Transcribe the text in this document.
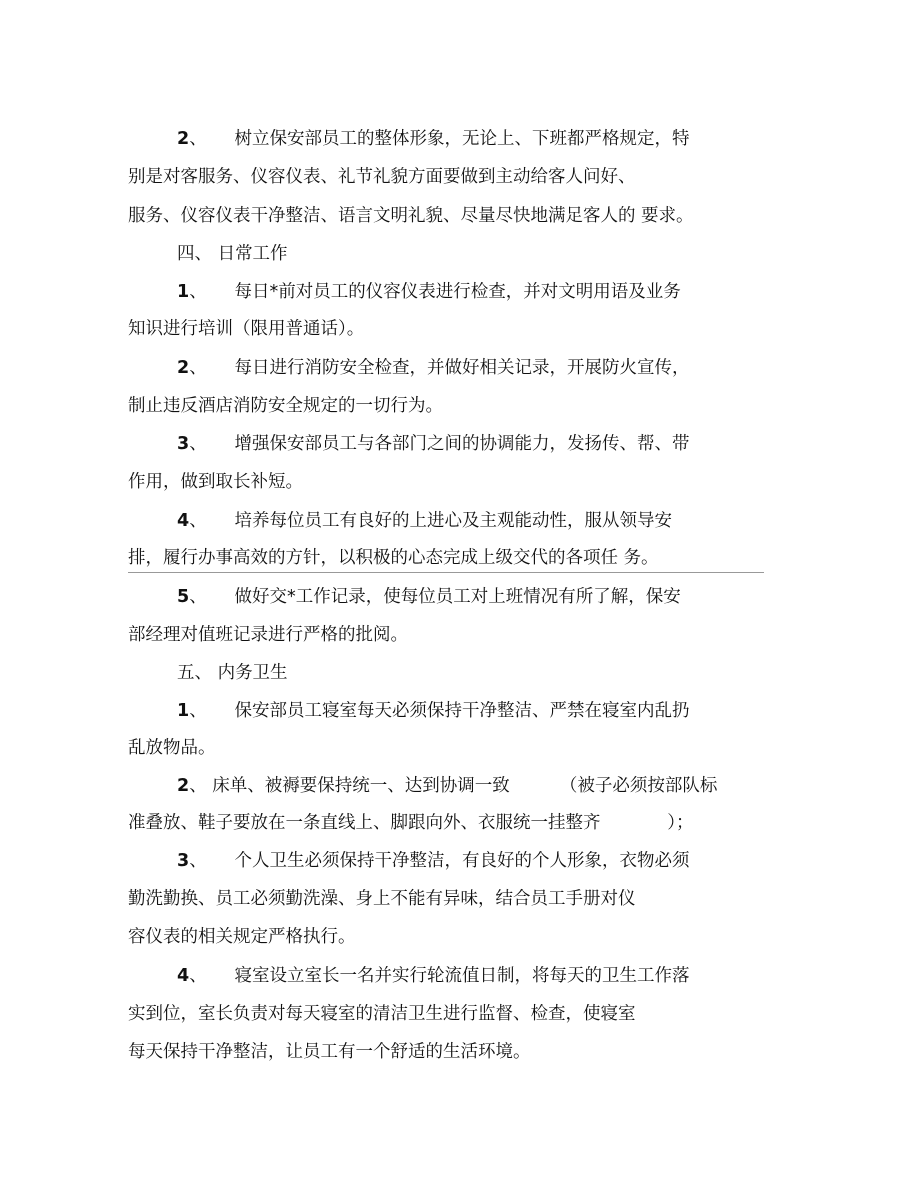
2、     树立保安部员工的整体形象，无论上、下班都严格规定，特
别是对客服务、仪容仪表、礼节礼貌方面要做到主动给客人问好、
服务、仪容仪表干净整洁、语言文明礼貌、尽量尽快地满足客人的 要求。
四、 日常工作
1、     每日*前对员工的仪容仪表进行检查，并对文明用语及业务
知识进行培训（限用普通话）。
2、     每日进行消防安全检查，并做好相关记录，开展防火宣传，
制止违反酒店消防安全规定的一切行为。
3、     增强保安部员工与各部门之间的协调能力，发扬传、帮、带
作用，做到取长补短。
4、     培养每位员工有良好的上进心及主观能动性，服从领导安
排，履行办事高效的方针，以积极的心态完成上级交代的各项任 务。
5、     做好交*工作记录，使每位员工对上班情况有所了解，保安
部经理对值班记录进行严格的批阅。
五、 内务卫生
1、     保安部员工寝室每天必须保持干净整洁、严禁在寝室内乱扔
乱放物品。
2、 床单、被褥要保持统一、达到协调一致         （被子必须按部队标
准叠放、鞋子要放在一条直线上、脚跟向外、衣服统一挂整齐            ）；
3、     个人卫生必须保持干净整洁，有良好的个人形象，衣物必须
勤洗勤换、员工必须勤洗澡、身上不能有异味，结合员工手册对仪
容仪表的相关规定严格执行。
4、     寝室设立室长一名并实行轮流值日制，将每天的卫生工作落
实到位，室长负责对每天寝室的清洁卫生进行监督、检查，使寝室
每天保持干净整洁，让员工有一个舒适的生活环境。
